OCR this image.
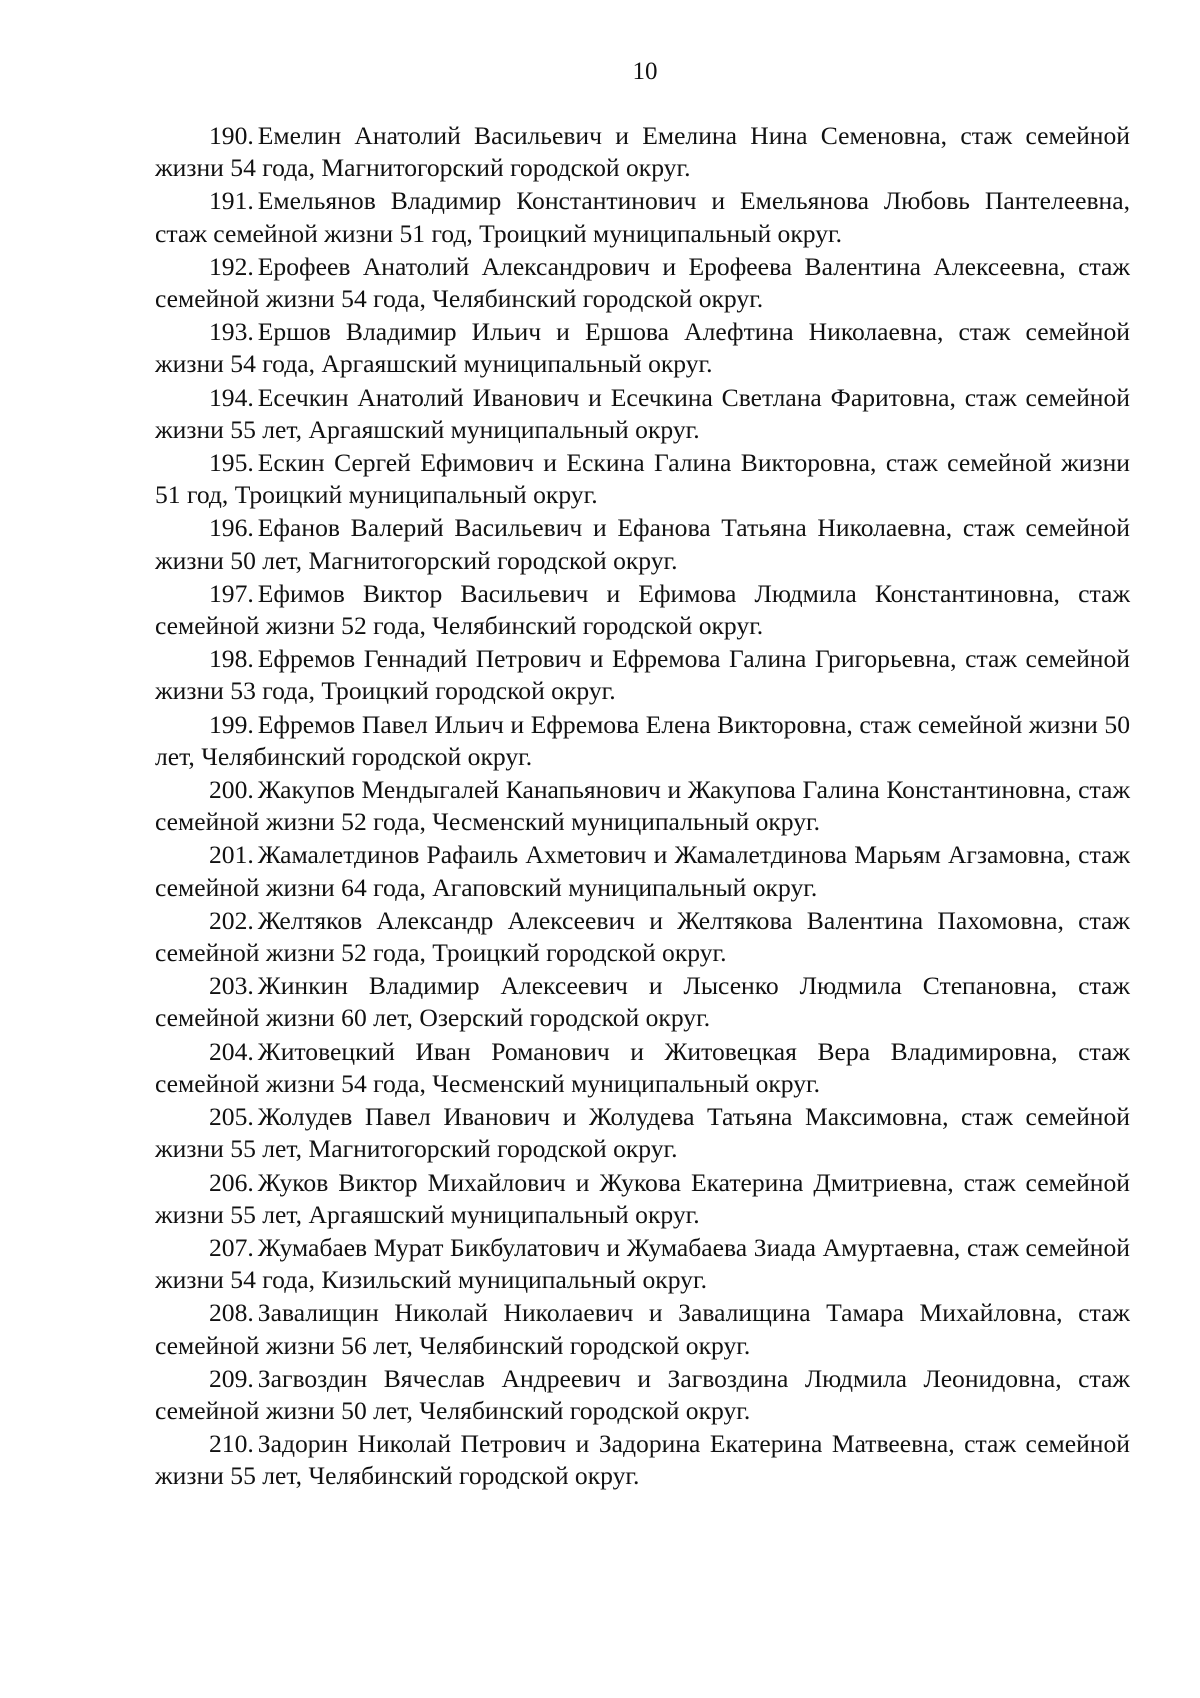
10

190. Емелин Анатолий Васильевич и Емелина Нина Семеновна, стаж семейной жизни 54 года, Магнитогорский городской округ.

191. Емельянов Владимир Константинович и Емельянова Любовь Пантелеевна, стаж семейной жизни 51 год, Троицкий муниципальный округ.

192. Ерофеев Анатолий Александрович и Ерофеева Валентина Алексеевна, стаж семейной жизни 54 года, Челябинский городской округ.

193. Ершов Владимир Ильич и Ершова Алефтина Николаевна, стаж семейной жизни 54 года, Аргаяшский муниципальный округ.

194. Есечкин Анатолий Иванович и Есечкина Светлана Фаритовна, стаж семейной жизни 55 лет, Аргаяшский муниципальный округ.

195. Ескин Сергей Ефимович и Ескина Галина Викторовна, стаж семейной жизни 51 год, Троицкий муниципальный округ.

196. Ефанов Валерий Васильевич и Ефанова Татьяна Николаевна, стаж семейной жизни 50 лет, Магнитогорский городской округ.

197. Ефимов Виктор Васильевич и Ефимова Людмила Константиновна, стаж семейной жизни 52 года, Челябинский городской округ.

198. Ефремов Геннадий Петрович и Ефремова Галина Григорьевна, стаж семейной жизни 53 года, Троицкий городской округ.

199. Ефремов Павел Ильич и Ефремова Елена Викторовна, стаж семейной жизни 50 лет, Челябинский городской округ.

200. Жакупов Мендыгалей Канапьянович и Жакупова Галина Константиновна, стаж семейной жизни 52 года, Чесменский муниципальный округ.

201. Жамалетдинов Рафаиль Ахметович и Жамалетдинова Марьям Агзамовна, стаж семейной жизни 64 года, Агаповский муниципальный округ.

202. Желтяков Александр Алексеевич и Желтякова Валентина Пахомовна, стаж семейной жизни 52 года, Троицкий городской округ.

203. Жинкин Владимир Алексеевич и Лысенко Людмила Степановна, стаж семейной жизни 60 лет, Озерский городской округ.

204. Житовецкий Иван Романович и Житовецкая Вера Владимировна, стаж семейной жизни 54 года, Чесменский муниципальный округ.

205. Жолудев Павел Иванович и Жолудева Татьяна Максимовна, стаж семейной жизни 55 лет, Магнитогорский городской округ.

206. Жуков Виктор Михайлович и Жукова Екатерина Дмитриевна, стаж семейной жизни 55 лет, Аргаяшский муниципальный округ.

207. Жумабаев Мурат Бикбулатович и Жумабаева Зиада Амуртаевна, стаж семейной жизни 54 года, Кизильский муниципальный округ.

208. Завалищин Николай Николаевич и Завалищина Тамара Михайловна, стаж семейной жизни 56 лет, Челябинский городской округ.

209. Загвоздин Вячеслав Андреевич и Загвоздина Людмила Леонидовна, стаж семейной жизни 50 лет, Челябинский городской округ.

210. Задорин Николай Петрович и Задорина Екатерина Матвеевна, стаж семейной жизни 55 лет, Челябинский городской округ.
